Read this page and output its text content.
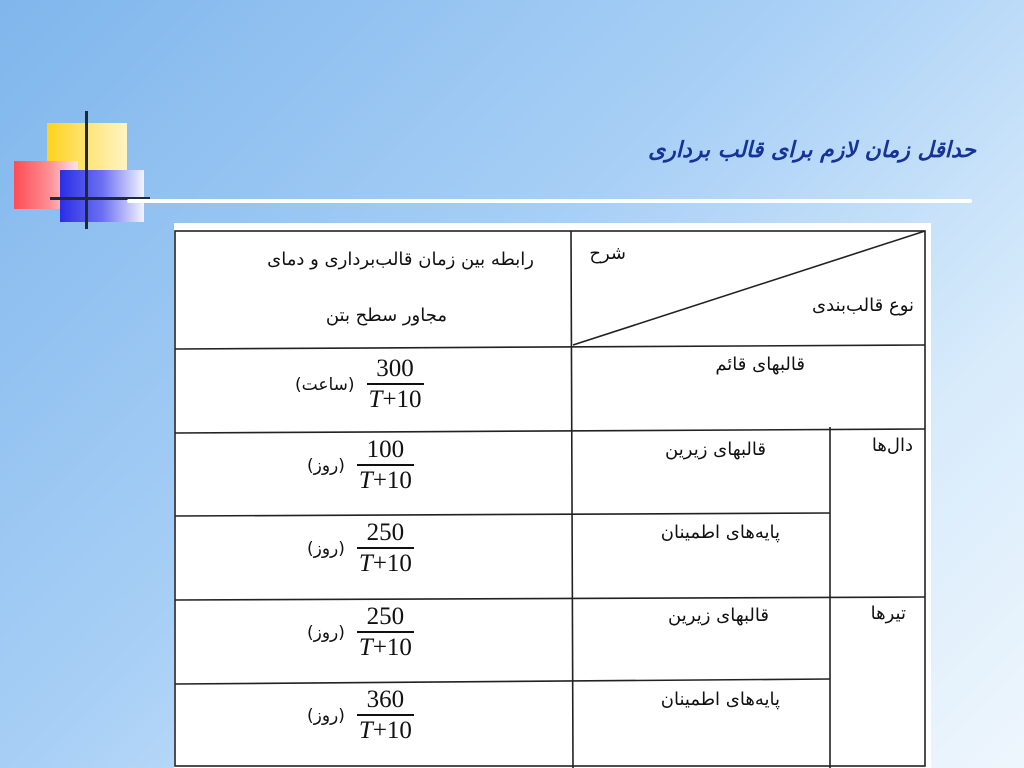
حداقل زمان لازم برای قالب برداری
رابطه بین زمان قالب‌برداری و دمای
مجاور سطح بتن
شرح
نوع قالب‌بندی
قالبهای قائم
(ساعت) $\frac{300}{T+10}$
دال‌ها
قالبهای زیرین
(روز) $\frac{100}{T+10}$
پایه‌های اطمینان
(روز) $\frac{250}{T+10}$
تیرها
قالبهای زیرین
(روز) $\frac{250}{T+10}$
پایه‌های اطمینان
(روز) $\frac{360}{T+10}$
